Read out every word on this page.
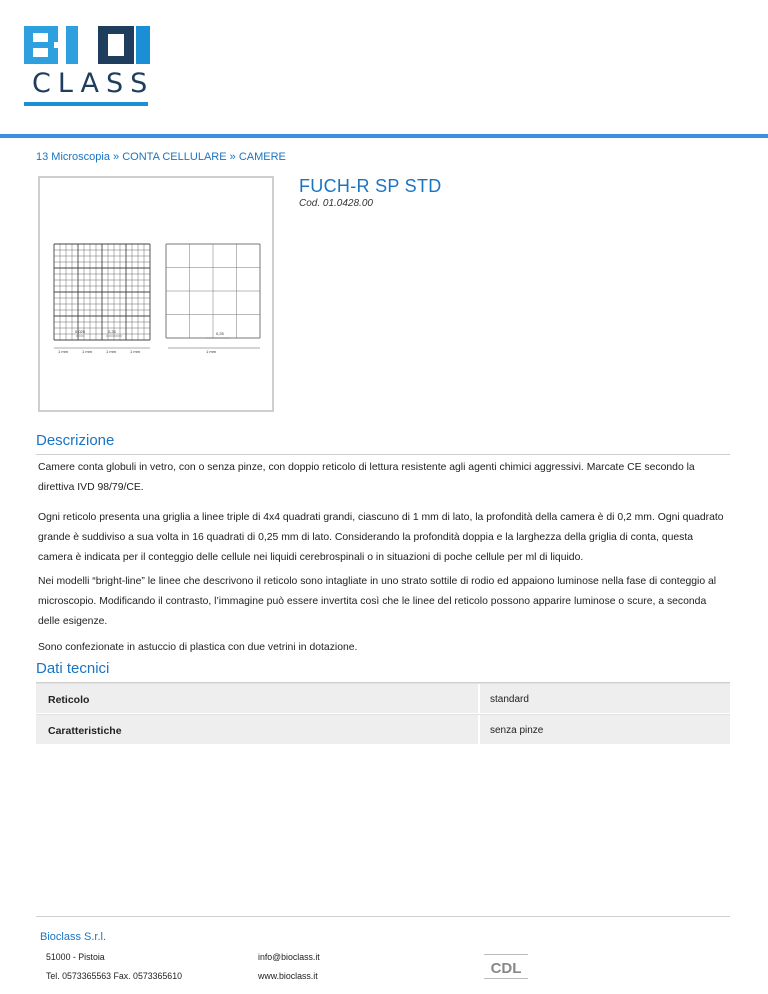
CLASS
13 Microscopia » CONTA CELLULARE » CAMERE
0,025	0,25	0,25
1 mm	1 mm	1 mm	1 mm	1 mm
FUCH-R SP STD
Cod. 01.0428.00
Descrizione
Camere conta globuli in vetro, con o senza pinze, con doppio reticolo di lettura resistente agli agenti chimici aggressivi. Marcate CE secondo la direttiva IVD 98/79/CE.
Ogni reticolo presenta una griglia a linee triple di 4x4 quadrati grandi, ciascuno di 1 mm di lato, la profondità della camera è di 0,2 mm. Ogni quadrato grande è suddiviso a sua volta in 16 quadrati di 0,25 mm di lato. Considerando la profondità doppia e la larghezza della griglia di conta, questa camera è indicata per il conteggio delle cellule nei liquidi cerebrospinali o in situazioni di poche cellule per ml di liquido.
Nei modelli “bright-line” le linee che descrivono il reticolo sono intagliate in uno strato sottile di rodio ed appaiono luminose nella fase di conteggio al microscopio. Modificando il contrasto, l’immagine può essere invertita così che le linee del reticolo possono apparire luminose o scure, a seconda delle esigenze.
Sono confezionate in astuccio di plastica con due vetrini in dotazione.
Dati tecnici
Reticolo	standard
Caratteristiche	senza pinze
Bioclass S.r.l.
51000 - Pistoia
Tel. 0573365563 Fax. 0573365610
info@bioclass.it
www.bioclass.it	CDL
